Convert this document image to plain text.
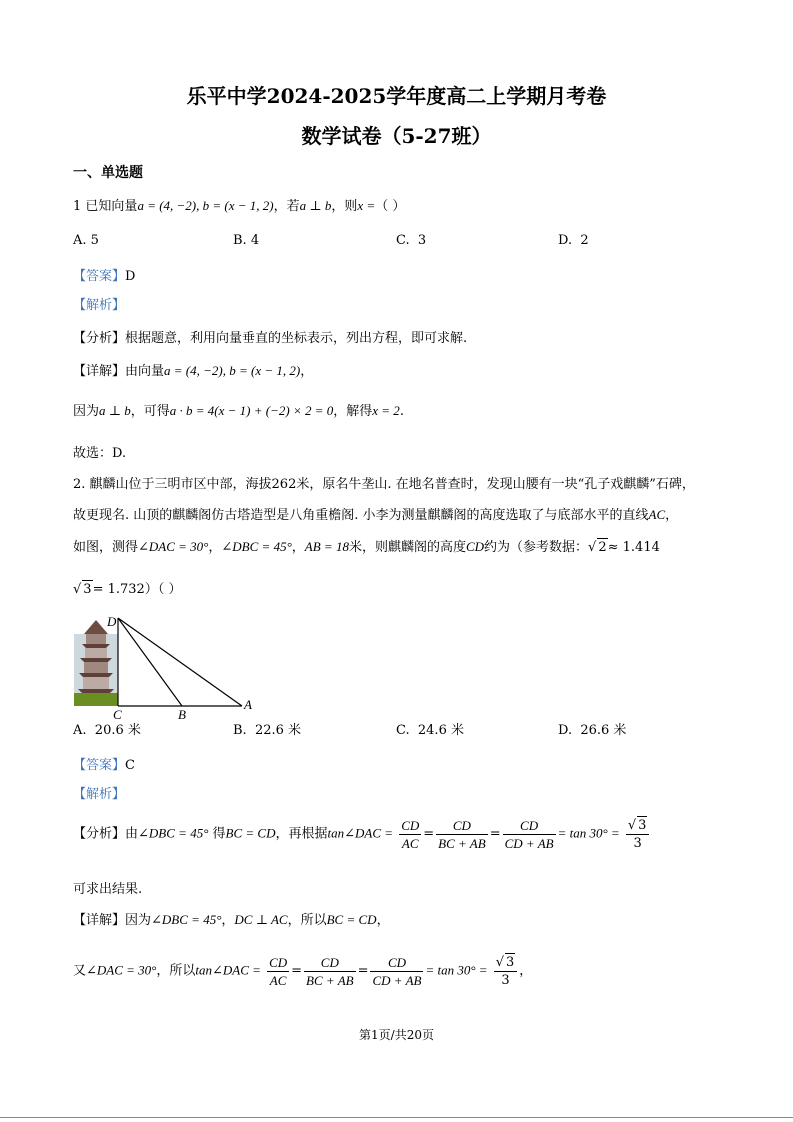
乐平中学2024-2025学年度高二上学期月考卷
数学试卷（5-27班）
一、单选题
1 已知向量a = (4, −2), b = (x − 1, 2)，若a ⊥ b，则x =（ ）
A. 5	B. 4	C. 3	D. 2
【答案】D
【解析】
【分析】根据题意，利用向量垂直的坐标表示，列出方程，即可求解.
【详解】由向量a = (4, −2), b = (x − 1, 2)，
因为a ⊥ b，可得a · b = 4(x − 1) + (−2) × 2 = 0，解得x = 2.
故选：D.
2. 麒麟山位于三明市区中部，海拔262米，原名牛垄山. 在地名普查时，发现山腰有一块“孔子戏麒麟”石碑，
故更现名. 山顶的麒麟阁仿古塔造型是八角重檐阁. 小李为测量麒麟阁的高度选取了与底部水平的直线AC，
如图，测得∠DAC = 30°，∠DBC = 45°，AB = 18米，则麒麟阁的高度CD约为（参考数据：√ 2≈ 1.414
√ 3= 1.732）（ ）
D
C	B
A
A. 20.6 米	B. 22.6 米	C. 24.6 米	D. 26.6 米
【答案】C
【解析】
【分析】由∠DBC = 45° 得BC = CD，再根据tan∠DAC = $\frac{CD}{AC} = \frac{CD}{BC + AB} = \frac{CD}{CD + AB} = \tan 30^\circ = \frac{√ 3}{3}$
可求出结果.
【详解】因为∠DBC = 45°，DC ⊥ AC，所以BC = CD，
又∠DAC = 30°，所以tan∠DAC = $\frac{CD}{AC} = \frac{CD}{BC + AB} = \frac{CD}{CD + AB} = \tan 30^\circ = \frac{√ 3}{3}$ ，
第1页/共20页
